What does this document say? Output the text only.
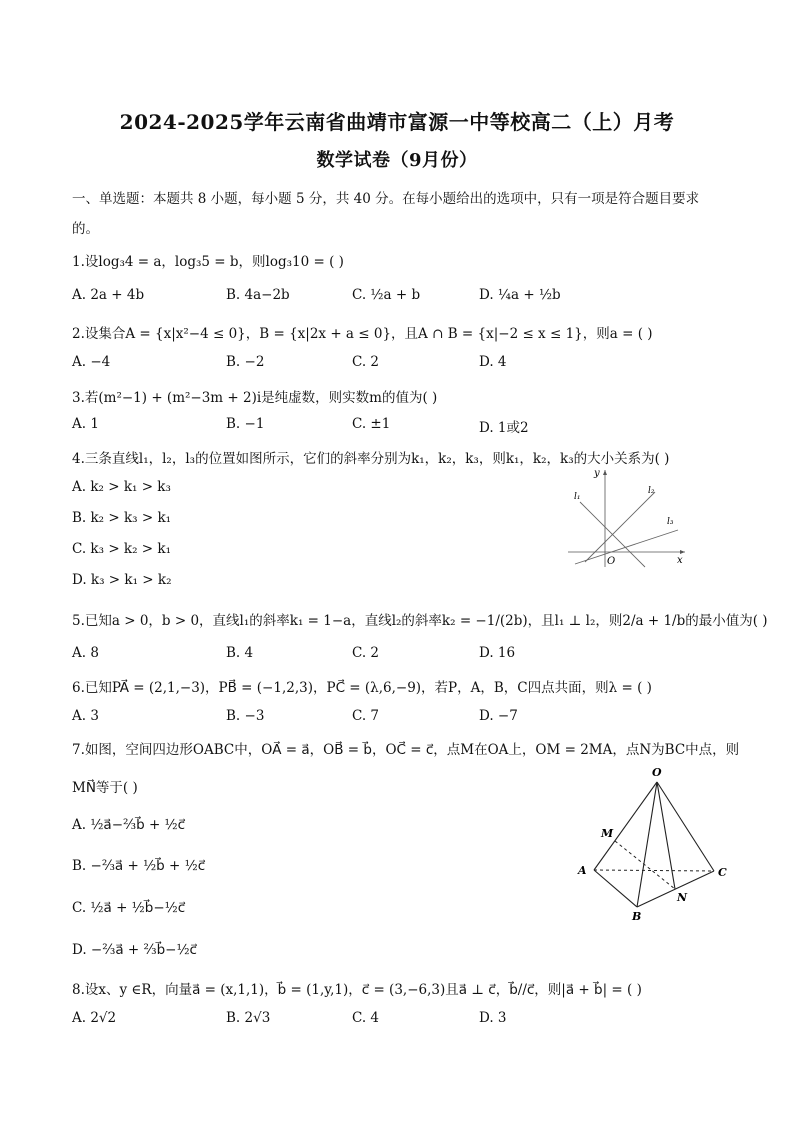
2024-2025学年云南省曲靖市富源一中等校高二（上）月考
数学试卷（9月份）
一、单选题：本题共 8 小题，每小题 5 分，共 40 分。在每小题给出的选项中，只有一项是符合题目要求
的。
1.设log₃4 = a，log₃5 = b，则log₃10 = ( )
A. 2a + 4b	B. 4a−2b	C. ½a + b	D. ¼a + ½b
2.设集合A = {x|x²−4 ≤ 0}，B = {x|2x + a ≤ 0}，且A ∩ B = {x|−2 ≤ x ≤ 1}，则a = ( )
A. −4	B. −2	C. 2	D. 4
3.若(m²−1) + (m²−3m + 2)i是纯虚数，则实数m的值为( )
A. 1	B. −1	C. ±1	D. 1或2
4.三条直线l₁，l₂，l₃的位置如图所示，它们的斜率分别为k₁，k₂，k₃，则k₁，k₂，k₃的大小关系为( )
A. k₂ > k₁ > k₃
B. k₂ > k₃ > k₁
C. k₃ > k₂ > k₁
D. k₃ > k₁ > k₂
y
x
O
l₁
l₂
l₃
5.已知a > 0，b > 0，直线l₁的斜率k₁ = 1−a，直线l₂的斜率k₂ = −1/(2b)，且l₁ ⊥ l₂，则2/a + 1/b的最小值为( )
A. 8	B. 4	C. 2	D. 16
6.已知PA⃗ = (2,1,−3)，PB⃗ = (−1,2,3)，PC⃗ = (λ,6,−9)，若P，A，B，C四点共面，则λ = ( )
A. 3	B. −3	C. 7	D. −7
7.如图，空间四边形OABC中，OA⃗ = a⃗，OB⃗ = b⃗，OC⃗ = c⃗，点M在OA上，OM = 2MA，点N为BC中点，则
MN⃗等于( )
A. ½a⃗−⅔b⃗ + ½c⃗
B. −⅔a⃗ + ½b⃗ + ½c⃗
C. ½a⃗ + ½b⃗−½c⃗
D. −⅔a⃗ + ⅔b⃗−½c⃗
O
M
A
B
C
N
8.设x、y ∈R，向量a⃗ = (x,1,1)，b⃗ = (1,y,1)，c⃗ = (3,−6,3)且a⃗ ⊥ c⃗，b⃗//c⃗，则|a⃗ + b⃗| = ( )
A. 2√2	B. 2√3	C. 4	D. 3
